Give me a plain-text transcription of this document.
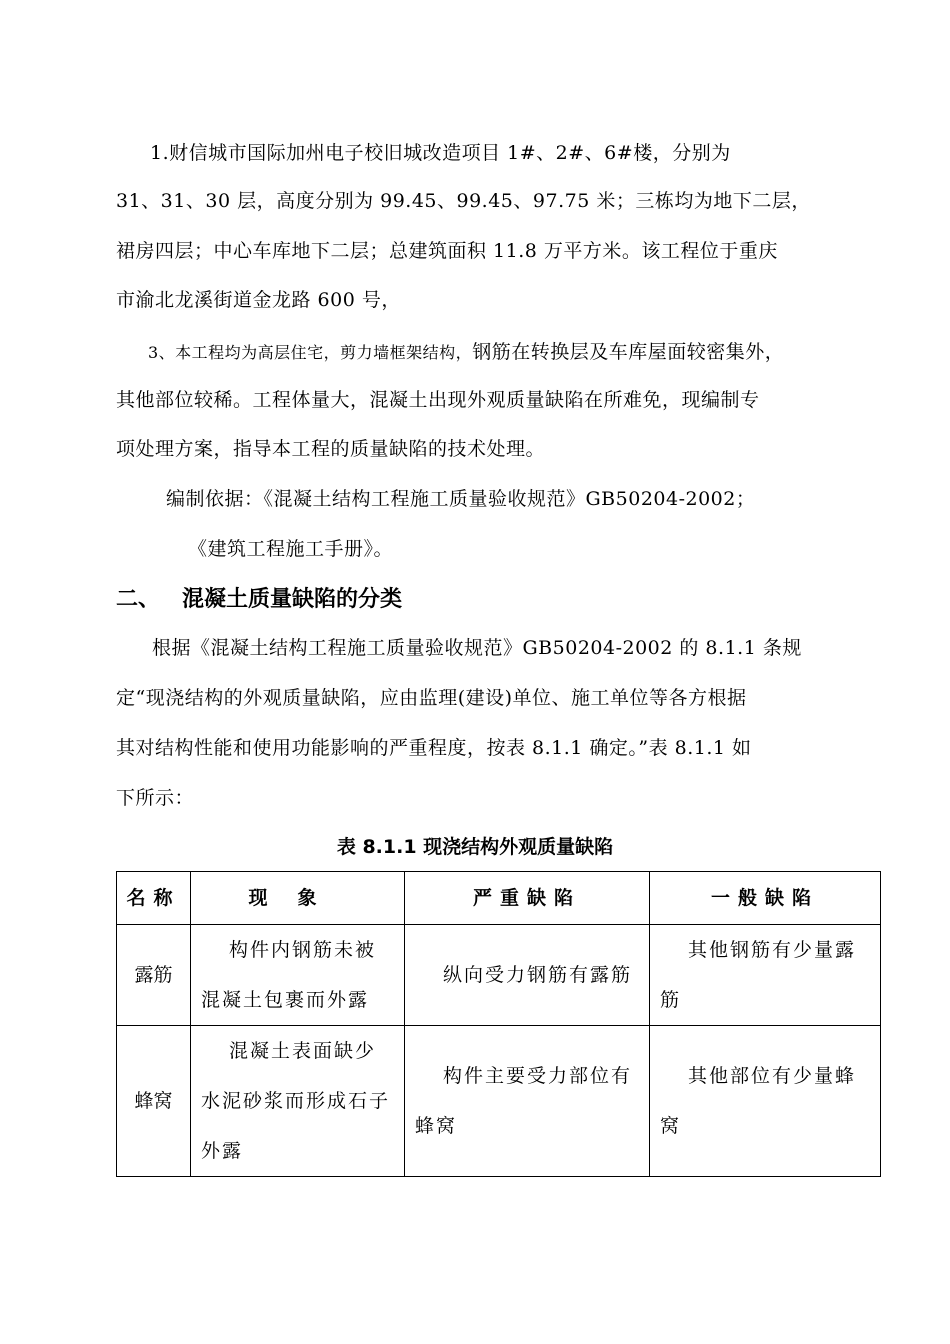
1.财信城市国际加州电子校旧城改造项目 1#、2#、6#楼，分别为
31、31、30 层，高度分别为 99.45、99.45、97.75 米；三栋均为地下二层，
裙房四层；中心车库地下二层；总建筑面积 11.8 万平方米。该工程位于重庆
市渝北龙溪街道金龙路 600 号，
3、本工程均为高层住宅，剪力墙框架结构，钢筋在转换层及车库屋面较密集外，
其他部位较稀。工程体量大，混凝土出现外观质量缺陷在所难免，现编制专
项处理方案，指导本工程的质量缺陷的技术处理。
编制依据：《混凝土结构工程施工质量验收规范》GB50204-2002；
《建筑工程施工手册》。
二、 混凝土质量缺陷的分类
根据《混凝土结构工程施工质量验收规范》GB50204-2002 的 8.1.1 条规
定“现浇结构的外观质量缺陷，应由监理(建设)单位、施工单位等各方根据
其对结构性能和使用功能影响的严重程度，按表 8.1.1 确定。”表 8.1.1 如
下所示：
表 8.1.1 现浇结构外观质量缺陷
名称	现象	严重缺陷	一般缺陷
露筋	构件内钢筋未被混凝土包裹而外露	纵向受力钢筋有露筋	其他钢筋有少量露筋
蜂窝	混凝土表面缺少水泥砂浆而形成石子外露	构件主要受力部位有蜂窝	其他部位有少量蜂窝
